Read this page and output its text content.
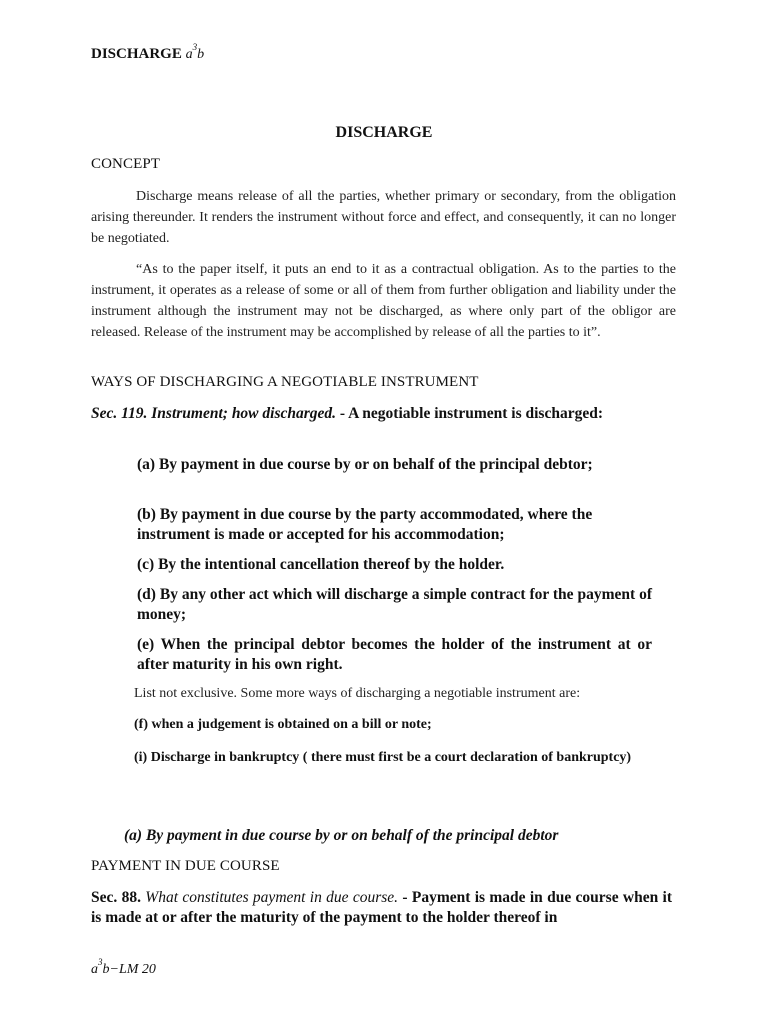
DISCHARGE $a^3b$
DISCHARGE
CONCEPT
Discharge means release of all the parties, whether primary or secondary, from the obligation arising thereunder. It renders the instrument without force and effect, and consequently, it can no longer be negotiated.
“As to the paper itself, it puts an end to it as a contractual obligation. As to the parties to the instrument, it operates as a release of some or all of them from further obligation and liability under the instrument although the instrument may not be discharged, as where only part of the obligor are released. Release of the instrument may be accomplished by release of all the parties to it”.
WAYS OF DISCHARGING A NEGOTIABLE INSTRUMENT
Sec. 119. Instrument; how discharged. - A negotiable instrument is discharged:
(a) By payment in due course by or on behalf of the principal debtor;
(b) By payment in due course by the party accommodated, where the instrument is made or accepted for his accommodation;
(c) By the intentional cancellation thereof by the holder.
(d) By any other act which will discharge a simple contract for the payment of money;
(e) When the principal debtor becomes the holder of the instrument at or after maturity in his own right.
List not exclusive. Some more ways of discharging a negotiable instrument are:
(f) when a judgement is obtained on a bill or note;
(i) Discharge in bankruptcy ( there must first be a court declaration of bankruptcy)
(a) By payment in due course by or on behalf of the principal debtor
PAYMENT IN DUE COURSE
Sec. 88. What constitutes payment in due course. - Payment is made in due course when it is made at or after the maturity of the payment to the holder thereof in
$a^3b-LM$ 20
